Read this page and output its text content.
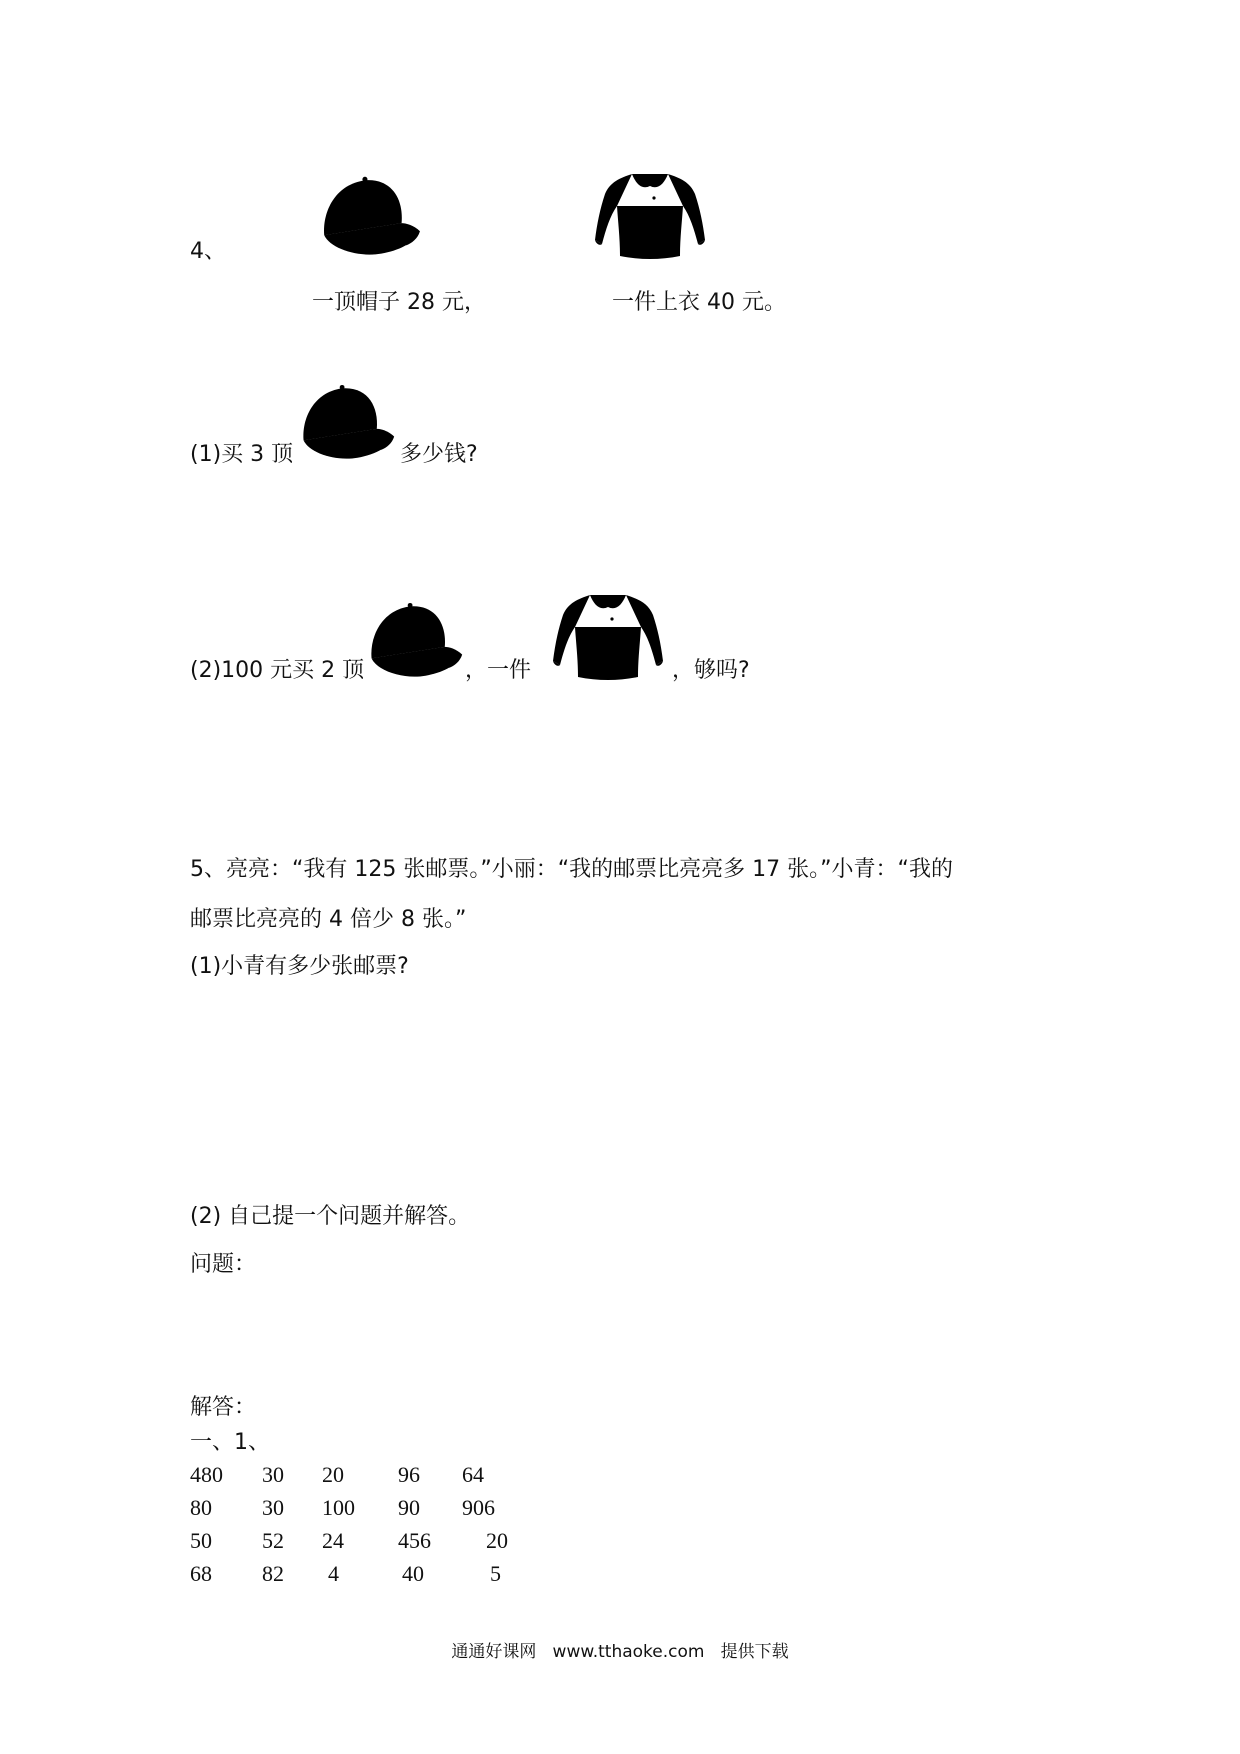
4、
一顶帽子 28 元，	一件上衣 40 元。
(1)买 3 顶	多少钱?
(2)100 元买 2 顶	，一件	，够吗?
5、亮亮：“我有 125 张邮票。”小丽：“我的邮票比亮亮多 17 张。”小青：“我的
邮票比亮亮的 4 倍少 8 张。”
(1)小青有多少张邮票?
(2) 自己提一个问题并解答。
问题：
解答：
一、1、
480 30 20 96 64
80 30 100 90 906
50 52 24 456	20
68 82 4	40	5
通通好课网   www.tthaoke.com   提供下载
